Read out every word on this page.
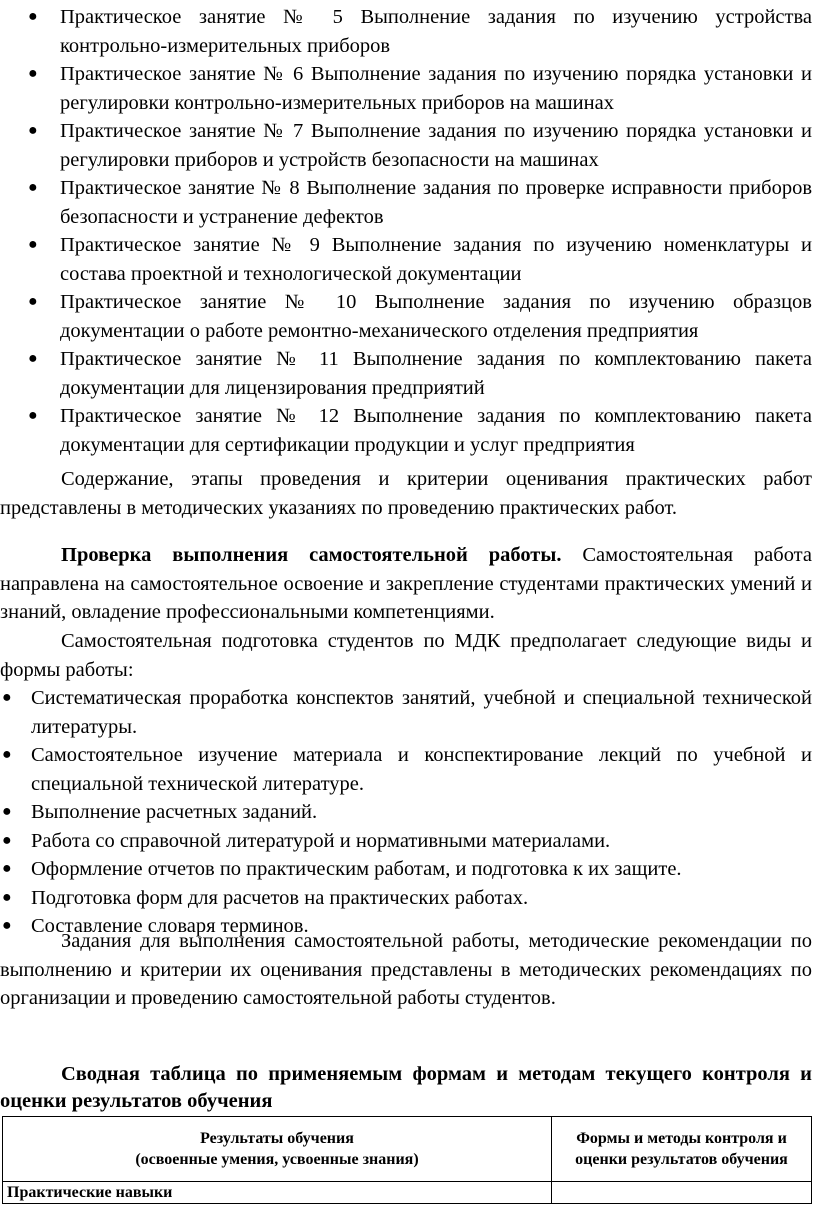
● Практическое занятие № 5 Выполнение задания по изучению устройства контрольно-измерительных приборов
● Практическое занятие № 6 Выполнение задания по изучению порядка установки и регулировки контрольно-измерительных приборов на машинах
● Практическое занятие № 7 Выполнение задания по изучению порядка установки и регулировки приборов и устройств безопасности на машинах
● Практическое занятие № 8 Выполнение задания по проверке исправности приборов безопасности и устранение дефектов
● Практическое занятие № 9 Выполнение задания по изучению номенклатуры и состава проектной и технологической документации
● Практическое занятие № 10 Выполнение задания по изучению образцов документации о работе ремонтно-механического отделения предприятия
● Практическое занятие № 11 Выполнение задания по комплектованию пакета документации для лицензирования предприятий
● Практическое занятие № 12 Выполнение задания по комплектованию пакета документации для сертификации продукции и услуг предприятия

Содержание, этапы проведения и критерии оценивания практических работ представлены в методических указаниях по проведению практических работ.

Проверка выполнения самостоятельной работы. Самостоятельная работа направлена на самостоятельное освоение и закрепление студентами практических умений и знаний, овладение профессиональными компетенциями.

Самостоятельная подготовка студентов по МДК предполагает следующие виды и формы работы:

● Систематическая проработка конспектов занятий, учебной и специальной технической литературы.
● Самостоятельное изучение материала и конспектирование лекций по учебной и специальной технической литературе.
● Выполнение расчетных заданий.
● Работа со справочной литературой и нормативными материалами.
● Оформление отчетов по практическим работам, и подготовка к их защите.
● Подготовка форм для расчетов на практических работах.
● Составление словаря терминов.

Задания для выполнения самостоятельной работы, методические рекомендации по выполнению и критерии их оценивания представлены в методических рекомендациях по организации и проведению самостоятельной работы студентов.

Сводная таблица по применяемым формам и методам текущего контроля и оценки результатов обучения

Результаты обучения
(освоенные умения, усвоенные знания)	Формы и методы контроля и оценки результатов обучения
Практические навыки	
